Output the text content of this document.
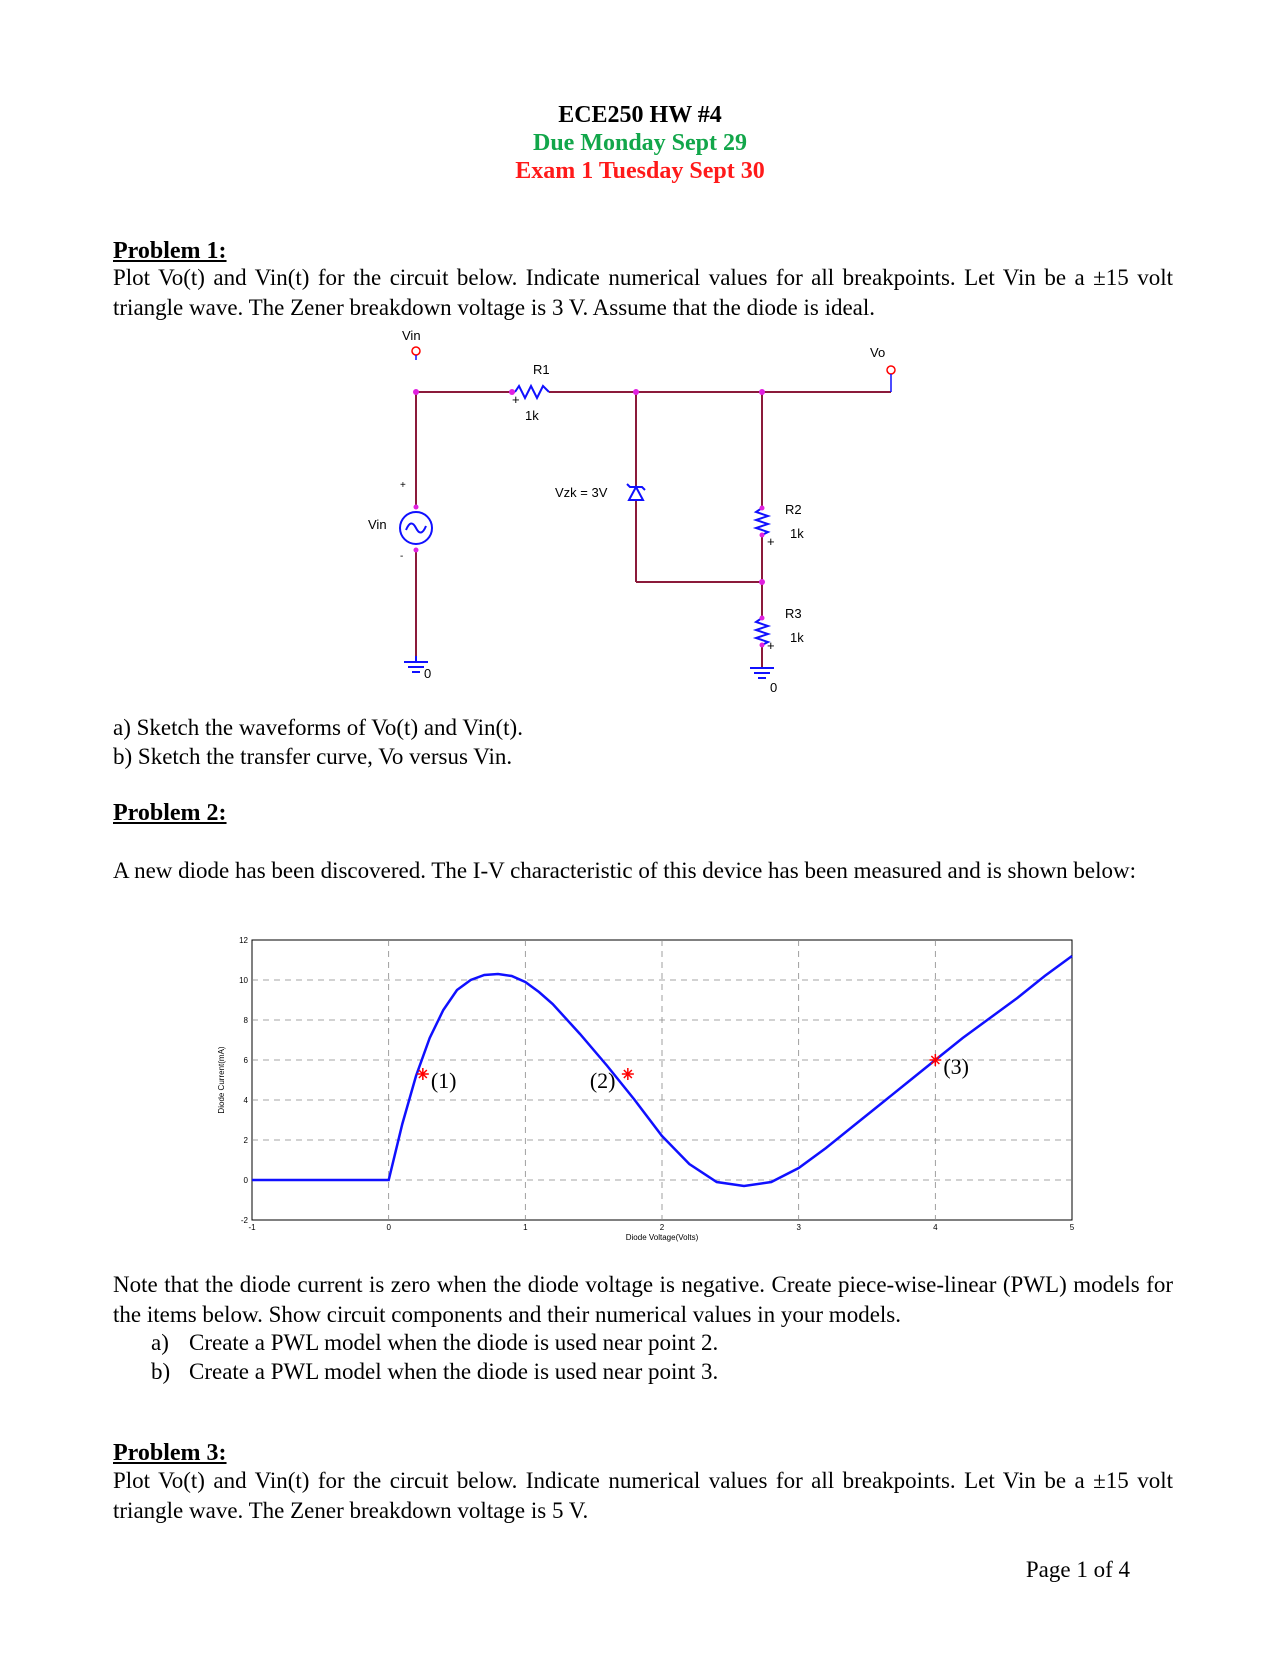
ECE250 HW #4
Due Monday Sept 29
Exam 1 Tuesday Sept 30
Problem 1:
Plot Vo(t) and Vin(t) for the circuit below. Indicate numerical values for all breakpoints. Let Vin be a ±15 volt triangle wave. The Zener breakdown voltage is 3 V. Assume that the diode is ideal.
Vin
Vo
R1
1k
+
Vzk = 3V
R2
1k
+
R3
1k
+
Vin
+
-
0
0
a) Sketch the waveforms of Vo(t) and Vin(t).
b) Sketch the transfer curve, Vo versus Vin.
Problem 2:
A new diode has been discovered. The I-V characteristic of this device has been measured and is shown below:
-1	0	1	2	3	4	5
-2
0
2
4
6
8
10
12
(1)	(2)
(3)
Diode Voltage(Volts)
Diode Current(mA)
Note that the diode current is zero when the diode voltage is negative. Create piece-wise-linear (PWL) models for the items below. Show circuit components and their numerical values in your models.
a) Create a PWL model when the diode is used near point 2.
b) Create a PWL model when the diode is used near point 3.
Problem 3:
Plot Vo(t) and Vin(t) for the circuit below. Indicate numerical values for all breakpoints. Let Vin be a ±15 volt triangle wave. The Zener breakdown voltage is 5 V.
Page 1 of 4
